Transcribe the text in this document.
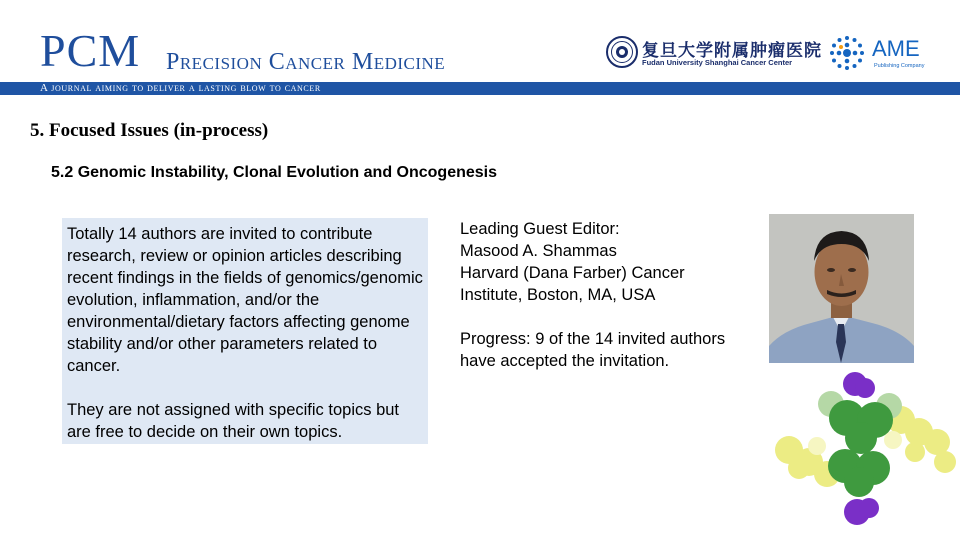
PCM Precision Cancer Medicine	复旦大学附属肿瘤医院
Fudan University Shanghai Cancer Center
AME
Publishing Company
A journal aiming to deliver a lasting blow to cancer
5. Focused Issues (in-process)
5.2 Genomic Instability, Clonal Evolution and Oncogenesis

Totally 14 authors are invited to contribute research, review or opinion articles describing recent findings in the fields of genomics/genomic evolution, inflammation, and/or the environmental/dietary factors affecting genome stability and/or other parameters related to cancer.

They are not assigned with specific topics but are free to decide on their own topics.

Leading Guest Editor:

Masood A. Shammas

Harvard (Dana Farber) Cancer

Institute, Boston, MA, USA

Progress: 9 of the 14 invited authors have accepted the invitation.
